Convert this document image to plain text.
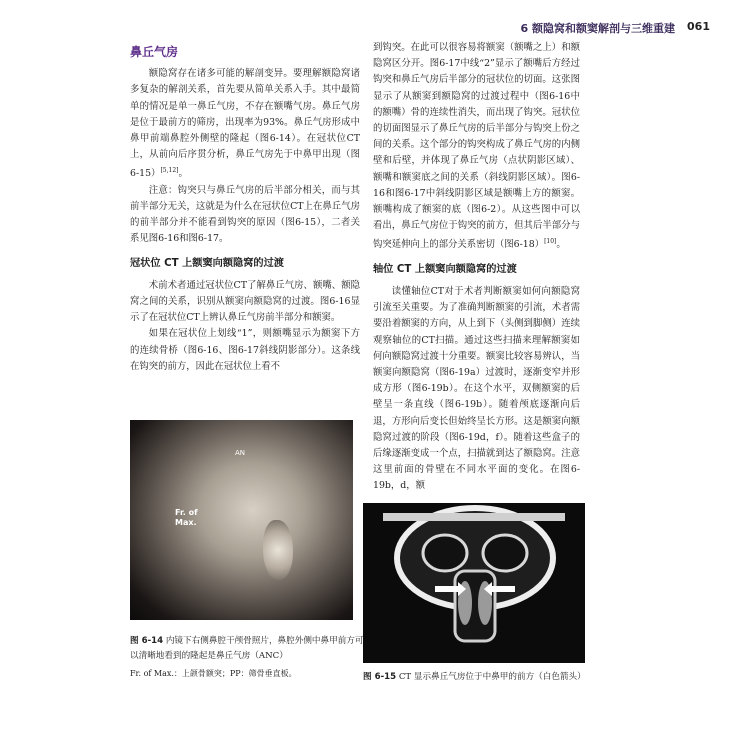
6 额隐窝和额窦解剖与三维重建 061
鼻丘气房

额隐窝存在诸多可能的解剖变异。要理解额隐窝诸多复杂的解剖关系，首先要从简单关系入手。其中最简单的情况是单一鼻丘气房，不存在额嘴气房。鼻丘气房是位于最前方的筛房，出现率为93%。鼻丘气房形成中鼻甲前端鼻腔外侧壁的隆起（图6-14）。在冠状位CT上，从前向后序贯分析，鼻丘气房先于中鼻甲出现（图6-15）[5,12]。

注意：钩突只与鼻丘气房的后半部分相关，而与其前半部分无关，这就是为什么在冠状位CT上在鼻丘气房的前半部分并不能看到钩突的原因（图6-15），二者关系见图6-16和图6-17。

冠状位 CT 上额窦向额隐窝的过渡

术前术者通过冠状位CT了解鼻丘气房、额嘴、额隐窝之间的关系，识别从额窦向额隐窝的过渡。图6-16显示了在冠状位CT上辨认鼻丘气房前半部分和额窦。

如果在冠状位上划线“1”，则额嘴显示为额窦下方的连续骨桥（图6-16、图6-17斜线阴影部分）。这条线在钩突的前方，因此在冠状位上看不

到钩突。在此可以很容易将额窦（额嘴之上）和额隐窝区分开。图6-17中线“2”显示了额嘴后方经过钩突和鼻丘气房后半部分的冠状位的切面。这张图显示了从额窦到额隐窝的过渡过程中（图6-16中的额嘴）骨的连续性消失，而出现了钩突。冠状位的切面图显示了鼻丘气房的后半部分与钩突上份之间的关系。这个部分的钩突构成了鼻丘气房的内侧壁和后壁，并体现了鼻丘气房（点状阴影区域）、额嘴和额窦底之间的关系（斜线阴影区域）。图6-16和图6-17中斜线阴影区域是额嘴上方的额窦。额嘴构成了额窦的底（图6-2）。从这些图中可以看出，鼻丘气房位于钩突的前方，但其后半部分与钩突延伸向上的部分关系密切（图6-18）[10]。

轴位 CT 上额窦向额隐窝的过渡

读懂轴位CT对于术者判断额窦如何向额隐窝引流至关重要。为了准确判断额窦的引流，术者需要沿着额窦的方向，从上到下（头侧到脚侧）连续观察轴位的CT扫描。通过这些扫描来理解额窦如何向额隐窝过渡十分重要。额窦比较容易辨认，当额窦向额隐窝（图6-19a）过渡时，逐渐变窄并形成方形（图6-19b）。在这个水平，双侧额窦的后壁呈一条直线（图6-19b）。随着颅底逐渐向后退，方形向后变长但始终呈长方形。这是额窦向额隐窝过渡的阶段（图6-19d，f）。随着这些盒子的后缘逐渐变成一个点，扫描就到达了额隐窝。注意这里前面的骨壁在不同水平面的变化。在图6-19b，d，额

AN
Fr. of
Max.
图 6-14 内镜下右侧鼻腔干颅骨照片，鼻腔外侧中鼻甲前方可以清晰地看到的隆起是鼻丘气房（ANC）
Fr. of Max.：上颌骨额突；PP：筛骨垂直板。	图 6-15 CT 显示鼻丘气房位于中鼻甲的前方（白色箭头）
